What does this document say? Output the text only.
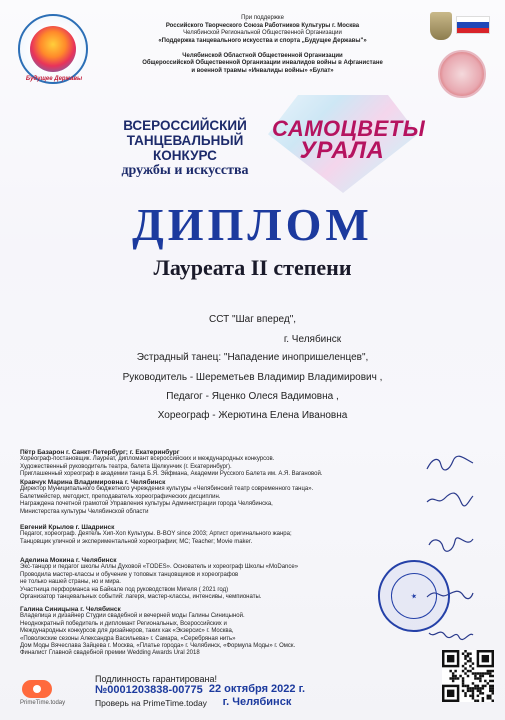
Будущее Державы
При поддержке
Российского Творческого Союза Работников Культуры г. Москва
Челябинской Региональной Общественной Организации
«Поддержка танцевального искусства и спорта „Будущее Державы"»

Челябинской Областной Общественной Организации
Общероссийской Общественной Организации инвалидов войны в Афганистане
и военной травмы «Инвалиды войны» «Булат»
ВСЕРОССИЙСКИЙ
ТАНЦЕВАЛЬНЫЙ КОНКУРС
дружбы и искусства
САМОЦВЕТЫ
УРАЛА
ДИПЛОМ
Лауреата II степени
ССТ "Шаг вперед",
г. Челябинск
Эстрадный танец: "Нападение инопришеленцев",
Руководитель - Шереметьев Владимир Владимирович ,
Педагог - Яценко Олеся Вадимовна ,
Хореограф - Жерютина Елена Ивановна
Пётр Базарон г. Санкт-Петербург; г. Екатеринбург
Хореограф-постановщик. Лауреат, дипломант всероссийских и международных конкурсов.
Художественный руководитель театра, балета Щелкунчик (г. Екатеринбург).
Приглашенный хореограф в академии танца Б.Я. Эйфмана, Академии Русского Балета им. А.Я. Вагановой.
Кравчук Марина Владимировна г. Челябинск
Директор Муниципального бюджетного учреждения культуры «Челябинский театр современного танца».
Балетмейстер, методист, преподаватель хореографических дисциплин.
Награждена почетной грамотой Управления культуры Администрации города Челябинска,
Министерства культуры Челябинской области
Евгений Крылов г. Шадринск
Педагог, хореограф. Деятель Хип-Хоп Культуры. B-BOY since 2003; Артист оригинального жанра;
Танцовщик уличной и экспериментальной хореографии; MC; Teacher; Movie maker.
Аделина Мокина г. Челябинск
Экс-танцор и педагог школы Аллы Духовой «TODES». Основатель и хореограф Школы «MoDance»
Проводила мастер-классы и обучение у топовых танцовщиков и хореографов
не только нашей страны, но и мира.
Участница перформанса на Байкале под руководством Мигеля ( 2021 год)
Организатор танцевальных событий: лагеря, мастер-классы, интенсивы, чемпионаты.
Галина Синицына г. Челябинск
Владелица и дизайнер Студии свадебной и вечерней моды Галины Синицыной.
Неоднократный победитель и дипломант Региональных, Всероссийских и
Международных конкурсов для дизайнеров, таких как «Экзерсис» г. Москва,
«Поволжские сезоны Александра Васильева» г. Самара, «Серебряная нить»
Дом Моды Вячеслава Зайцева г. Москва, «Платье города» г. Челябинск, «Формула Моды» г. Омск.
Финалист Главной свадебной премии Wedding Awards Ural 2018
★
PrimeTime.today
Подлинность гарантирована!
№0001203838-00775
Проверь на PrimeTime.today
22 октября 2022 г.
г. Челябинск
